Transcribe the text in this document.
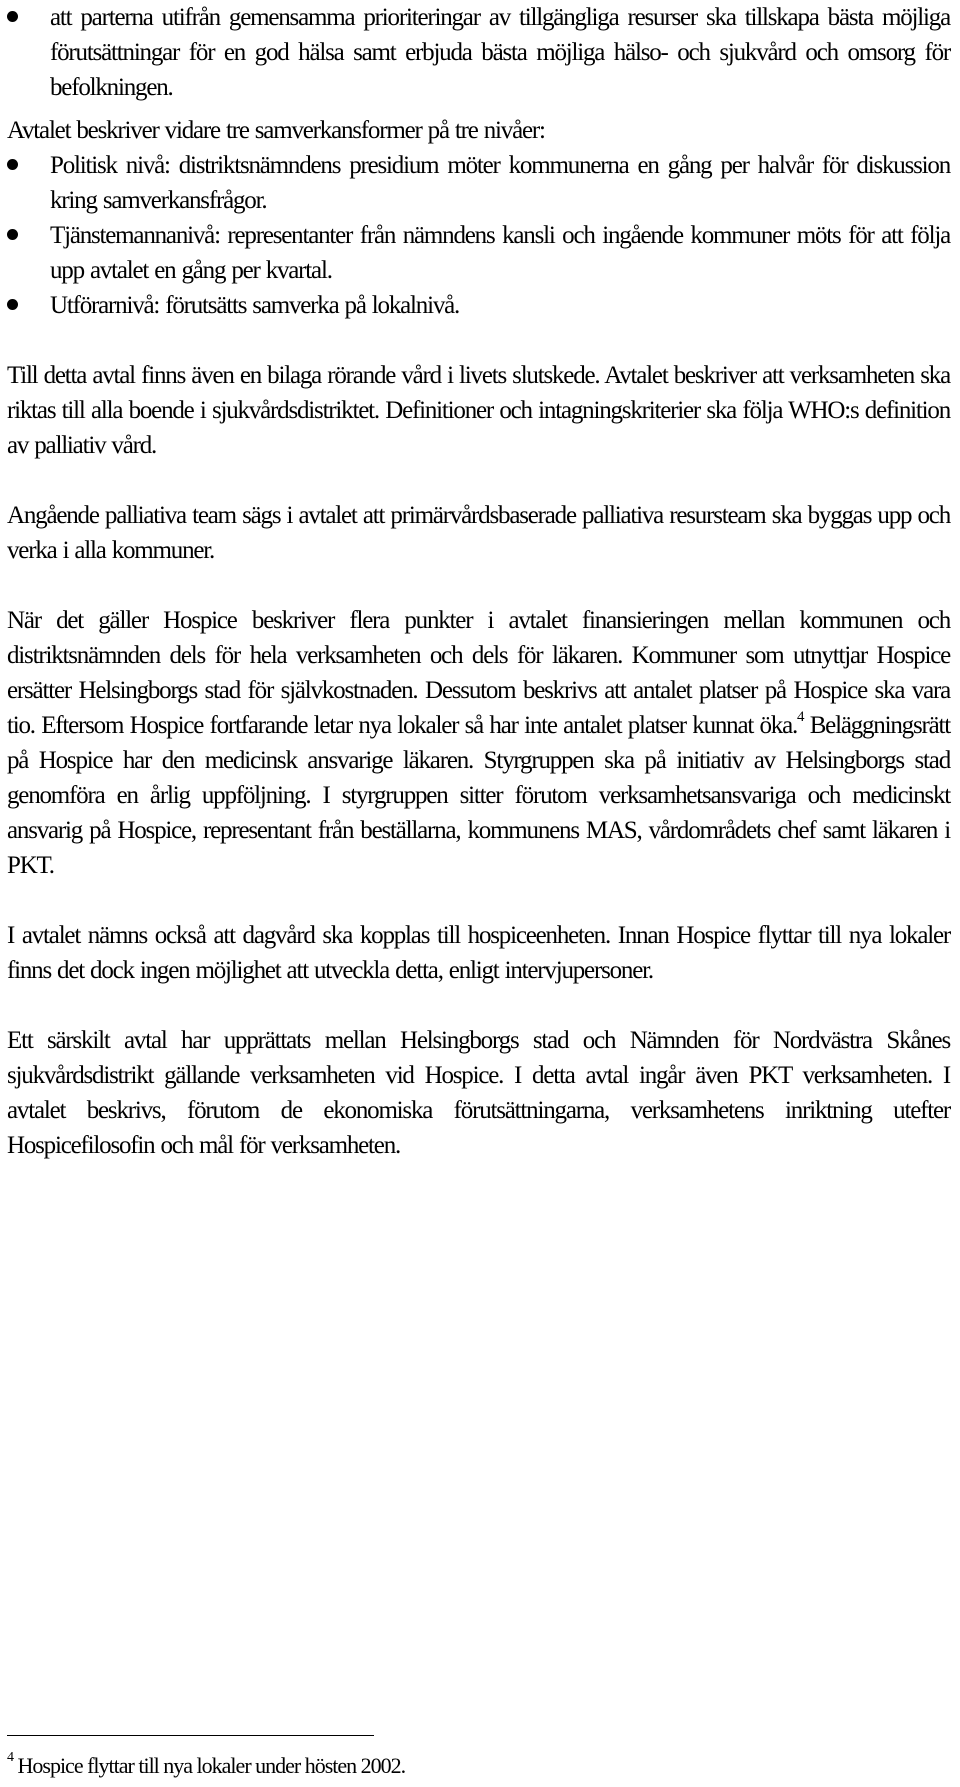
att parterna utifrån gemensamma prioriteringar av tillgängliga resurser ska tillskapa bästa möjliga förutsättningar för en god hälsa samt erbjuda bästa möjliga hälso- och sjukvård och omsorg för befolkningen.

Avtalet beskriver vidare tre samverkansformer på tre nivåer:

Politisk nivå: distriktsnämndens presidium möter kommunerna en gång per halvår för diskussion kring samverkansfrågor.
Tjänstemannanivå: representanter från nämndens kansli och ingående kommuner möts för att följa upp avtalet en gång per kvartal.
Utförarnivå: förutsätts samverka på lokalnivå.

Till detta avtal finns även en bilaga rörande vård i livets slutskede. Avtalet beskriver att verksamheten ska riktas till alla boende i sjukvårdsdistriktet. Definitioner och intagningskriterier ska följa WHO:s definition av palliativ vård.

Angående palliativa team sägs i avtalet att primärvårdsbaserade palliativa resursteam ska byggas upp och verka i alla kommuner.

När det gäller Hospice beskriver flera punkter i avtalet finansieringen mellan kommunen och distriktsnämnden dels för hela verksamheten och dels för läkaren. Kommuner som utnyttjar Hospice ersätter Helsingborgs stad för självkostnaden. Dessutom beskrivs att antalet platser på Hospice ska vara tio. Eftersom Hospice fortfarande letar nya lokaler så har inte antalet platser kunnat öka.$^4$ Beläggningsrätt på Hospice har den medicinsk ansvarige läkaren. Styrgruppen ska på initiativ av Helsingborgs stad genomföra en årlig uppföljning. I styrgruppen sitter förutom verksamhetsansvariga och medicinskt ansvarig på Hospice, representant från beställarna, kommunens MAS, vårdområdets chef samt läkaren i PKT.

I avtalet nämns också att dagvård ska kopplas till hospiceenheten. Innan Hospice flyttar till nya lokaler finns det dock ingen möjlighet att utveckla detta, enligt intervjupersoner.

Ett särskilt avtal har upprättats mellan Helsingborgs stad och Nämnden för Nordvästra Skånes sjukvårdsdistrikt gällande verksamheten vid Hospice. I detta avtal ingår även PKT verksamheten. I avtalet beskrivs, förutom de ekonomiska förutsättningarna, verksamhetens inriktning utefter Hospicefilosofin och mål för verksamheten.

$^4$ Hospice flyttar till nya lokaler under hösten 2002.
